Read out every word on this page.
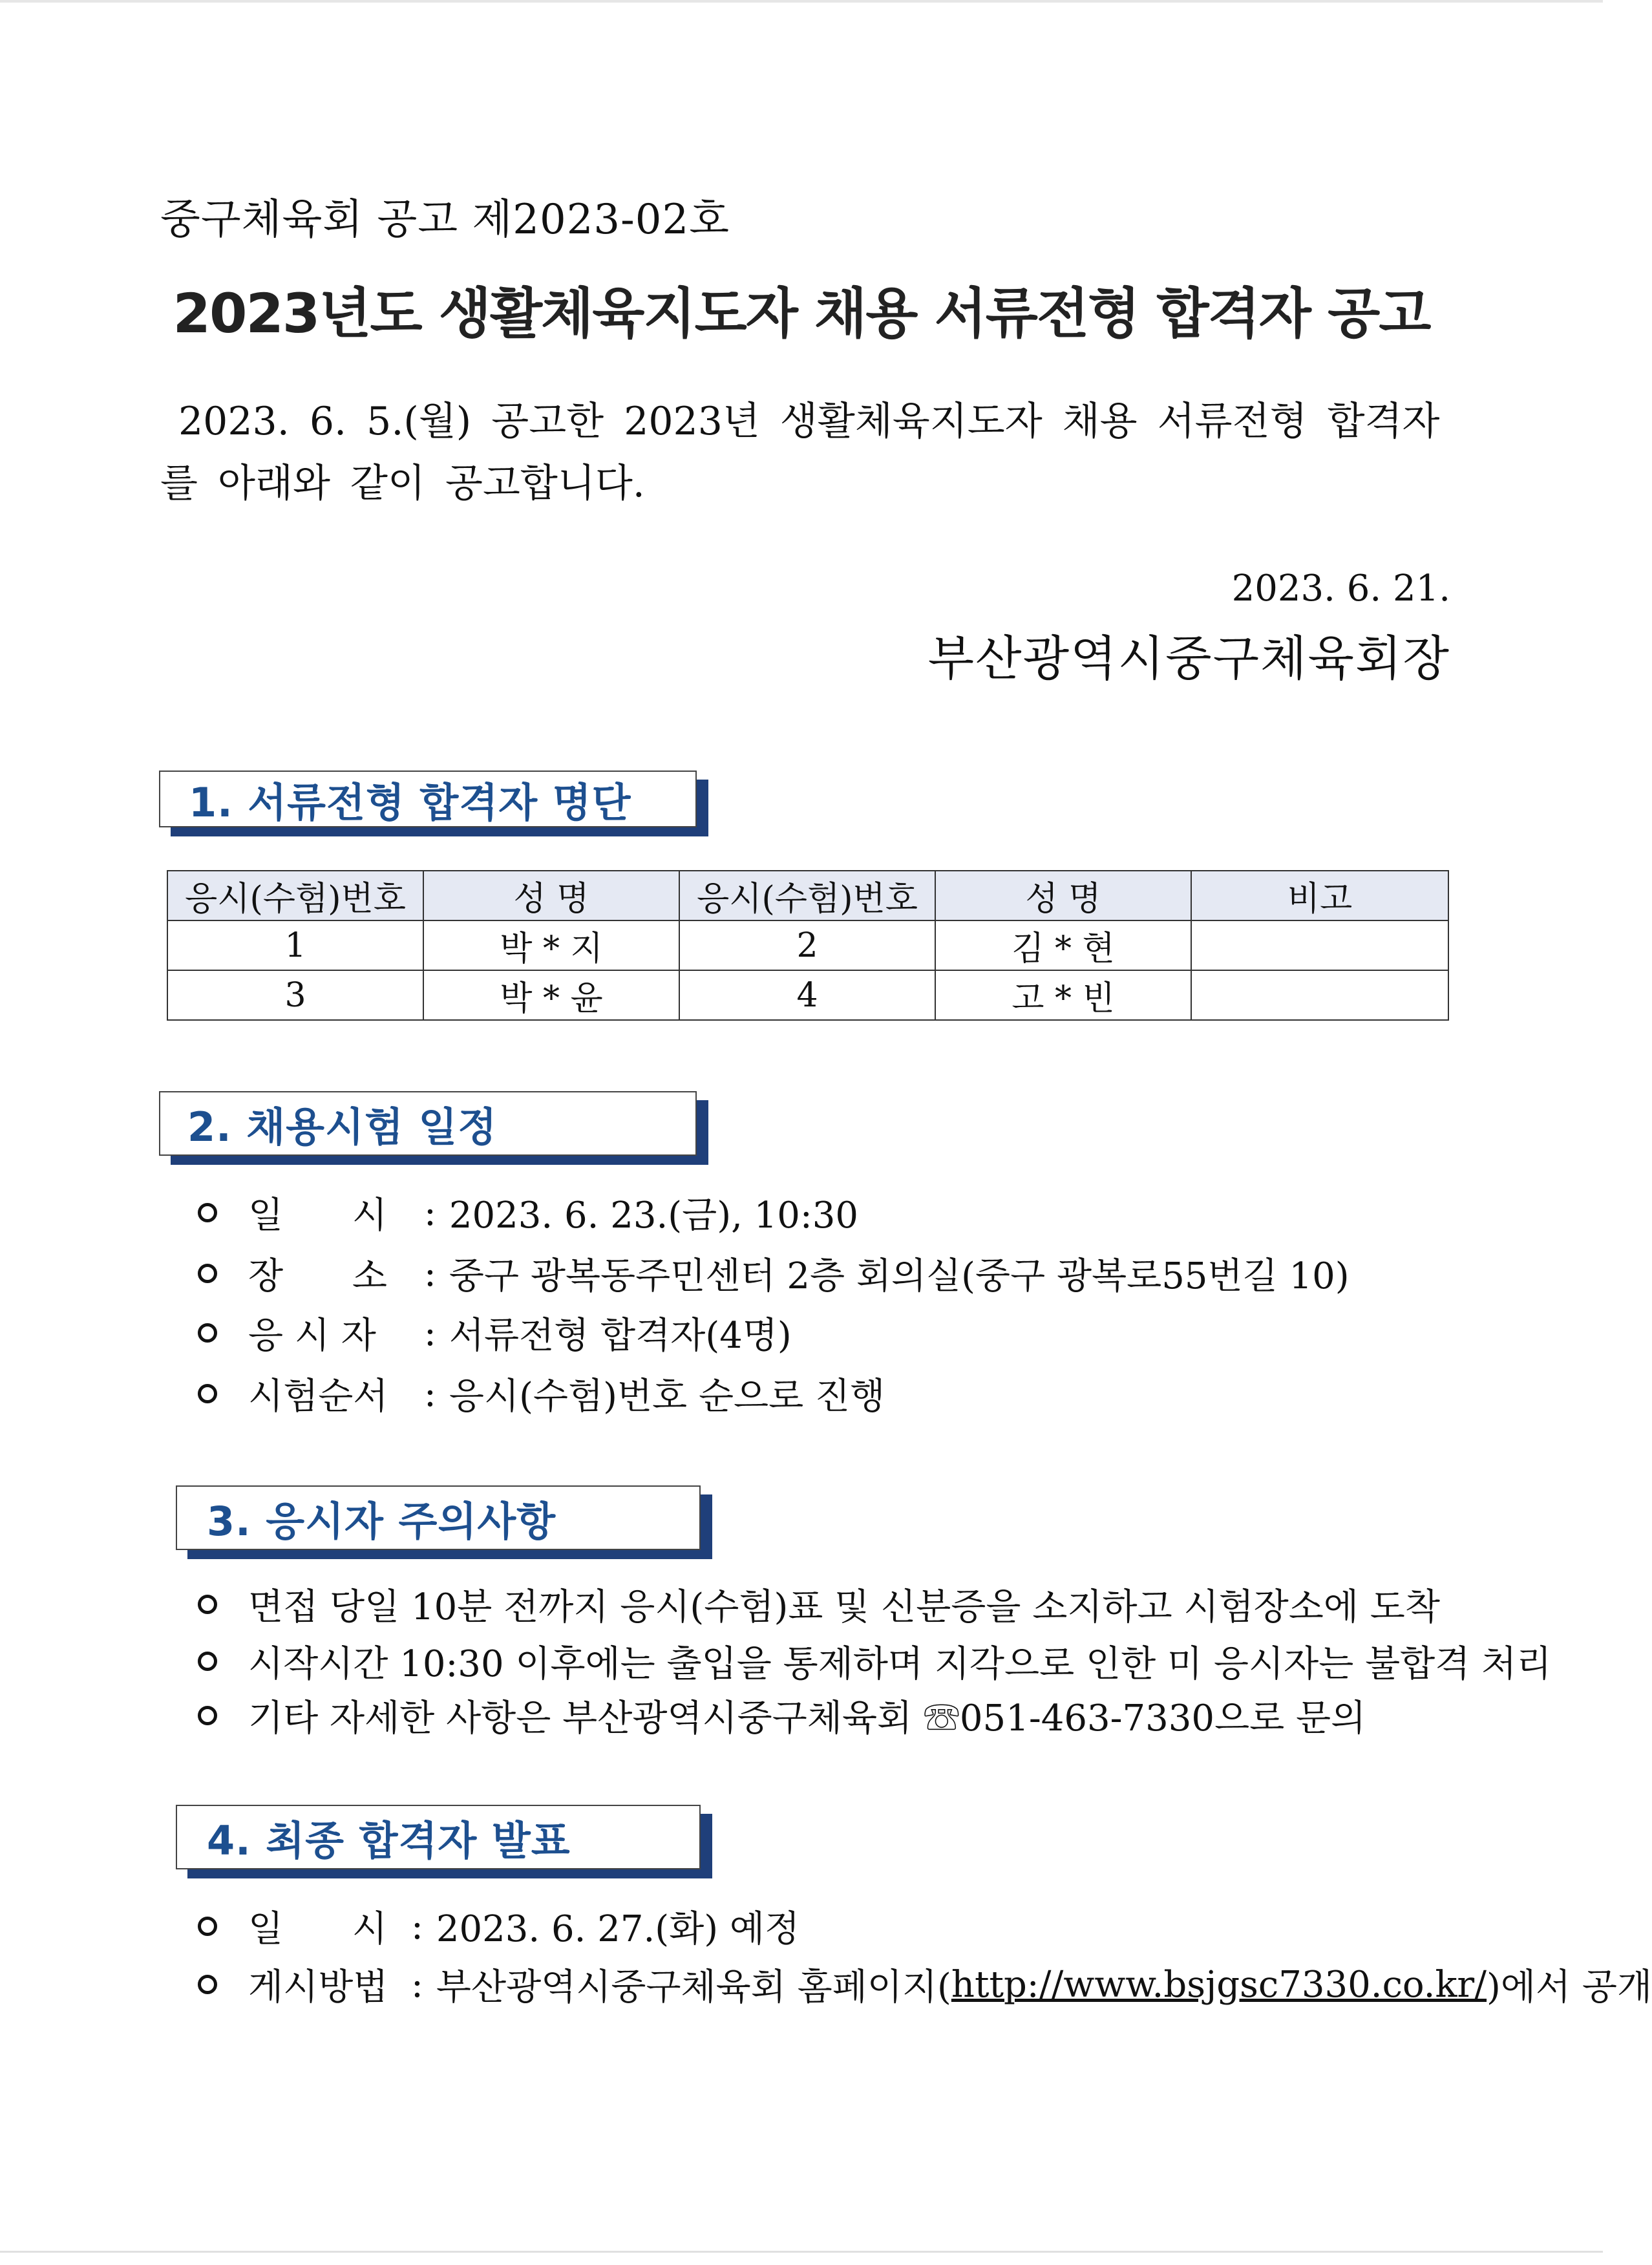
중구체육회 공고 제2023-02호
2023년도 생활체육지도자 채용 서류전형 합격자 공고
2023. 6. 5.(월) 공고한 2023년 생활체육지도자 채용 서류전형 합격자
를 아래와 같이 공고합니다.
2023. 6. 21.
부산광역시중구체육회장
1. 서류전형 합격자 명단
응시(수험)번호	성 명	응시(수험)번호	성 명	비고
1	박 * 지	2	김 * 현	
3	박 * 윤	4	고 * 빈	
2. 채용시험 일정
일      시	: 2023. 6. 23.(금), 10:30
장      소	: 중구 광복동주민센터 2층 회의실(중구 광복로55번길 10)
응 시 자	: 서류전형 합격자(4명)
시험순서 : 응시(수험)번호 순으로 진행
3. 응시자 주의사항
면접 당일 10분 전까지 응시(수험)표 및 신분증을 소지하고 시험장소에 도착
시작시간 10:30 이후에는 출입을 통제하며 지각으로 인한 미 응시자는 불합격 처리
기타 자세한 사항은 부산광역시중구체육회 ☏051-463-7330으로 문의
4. 최종 합격자 발표
일      시 : 2023. 6. 27.(화) 예정
게시방법 : 부산광역시중구체육회 홈페이지( http://www.bsjgsc7330.co.kr/ )에서 공개
